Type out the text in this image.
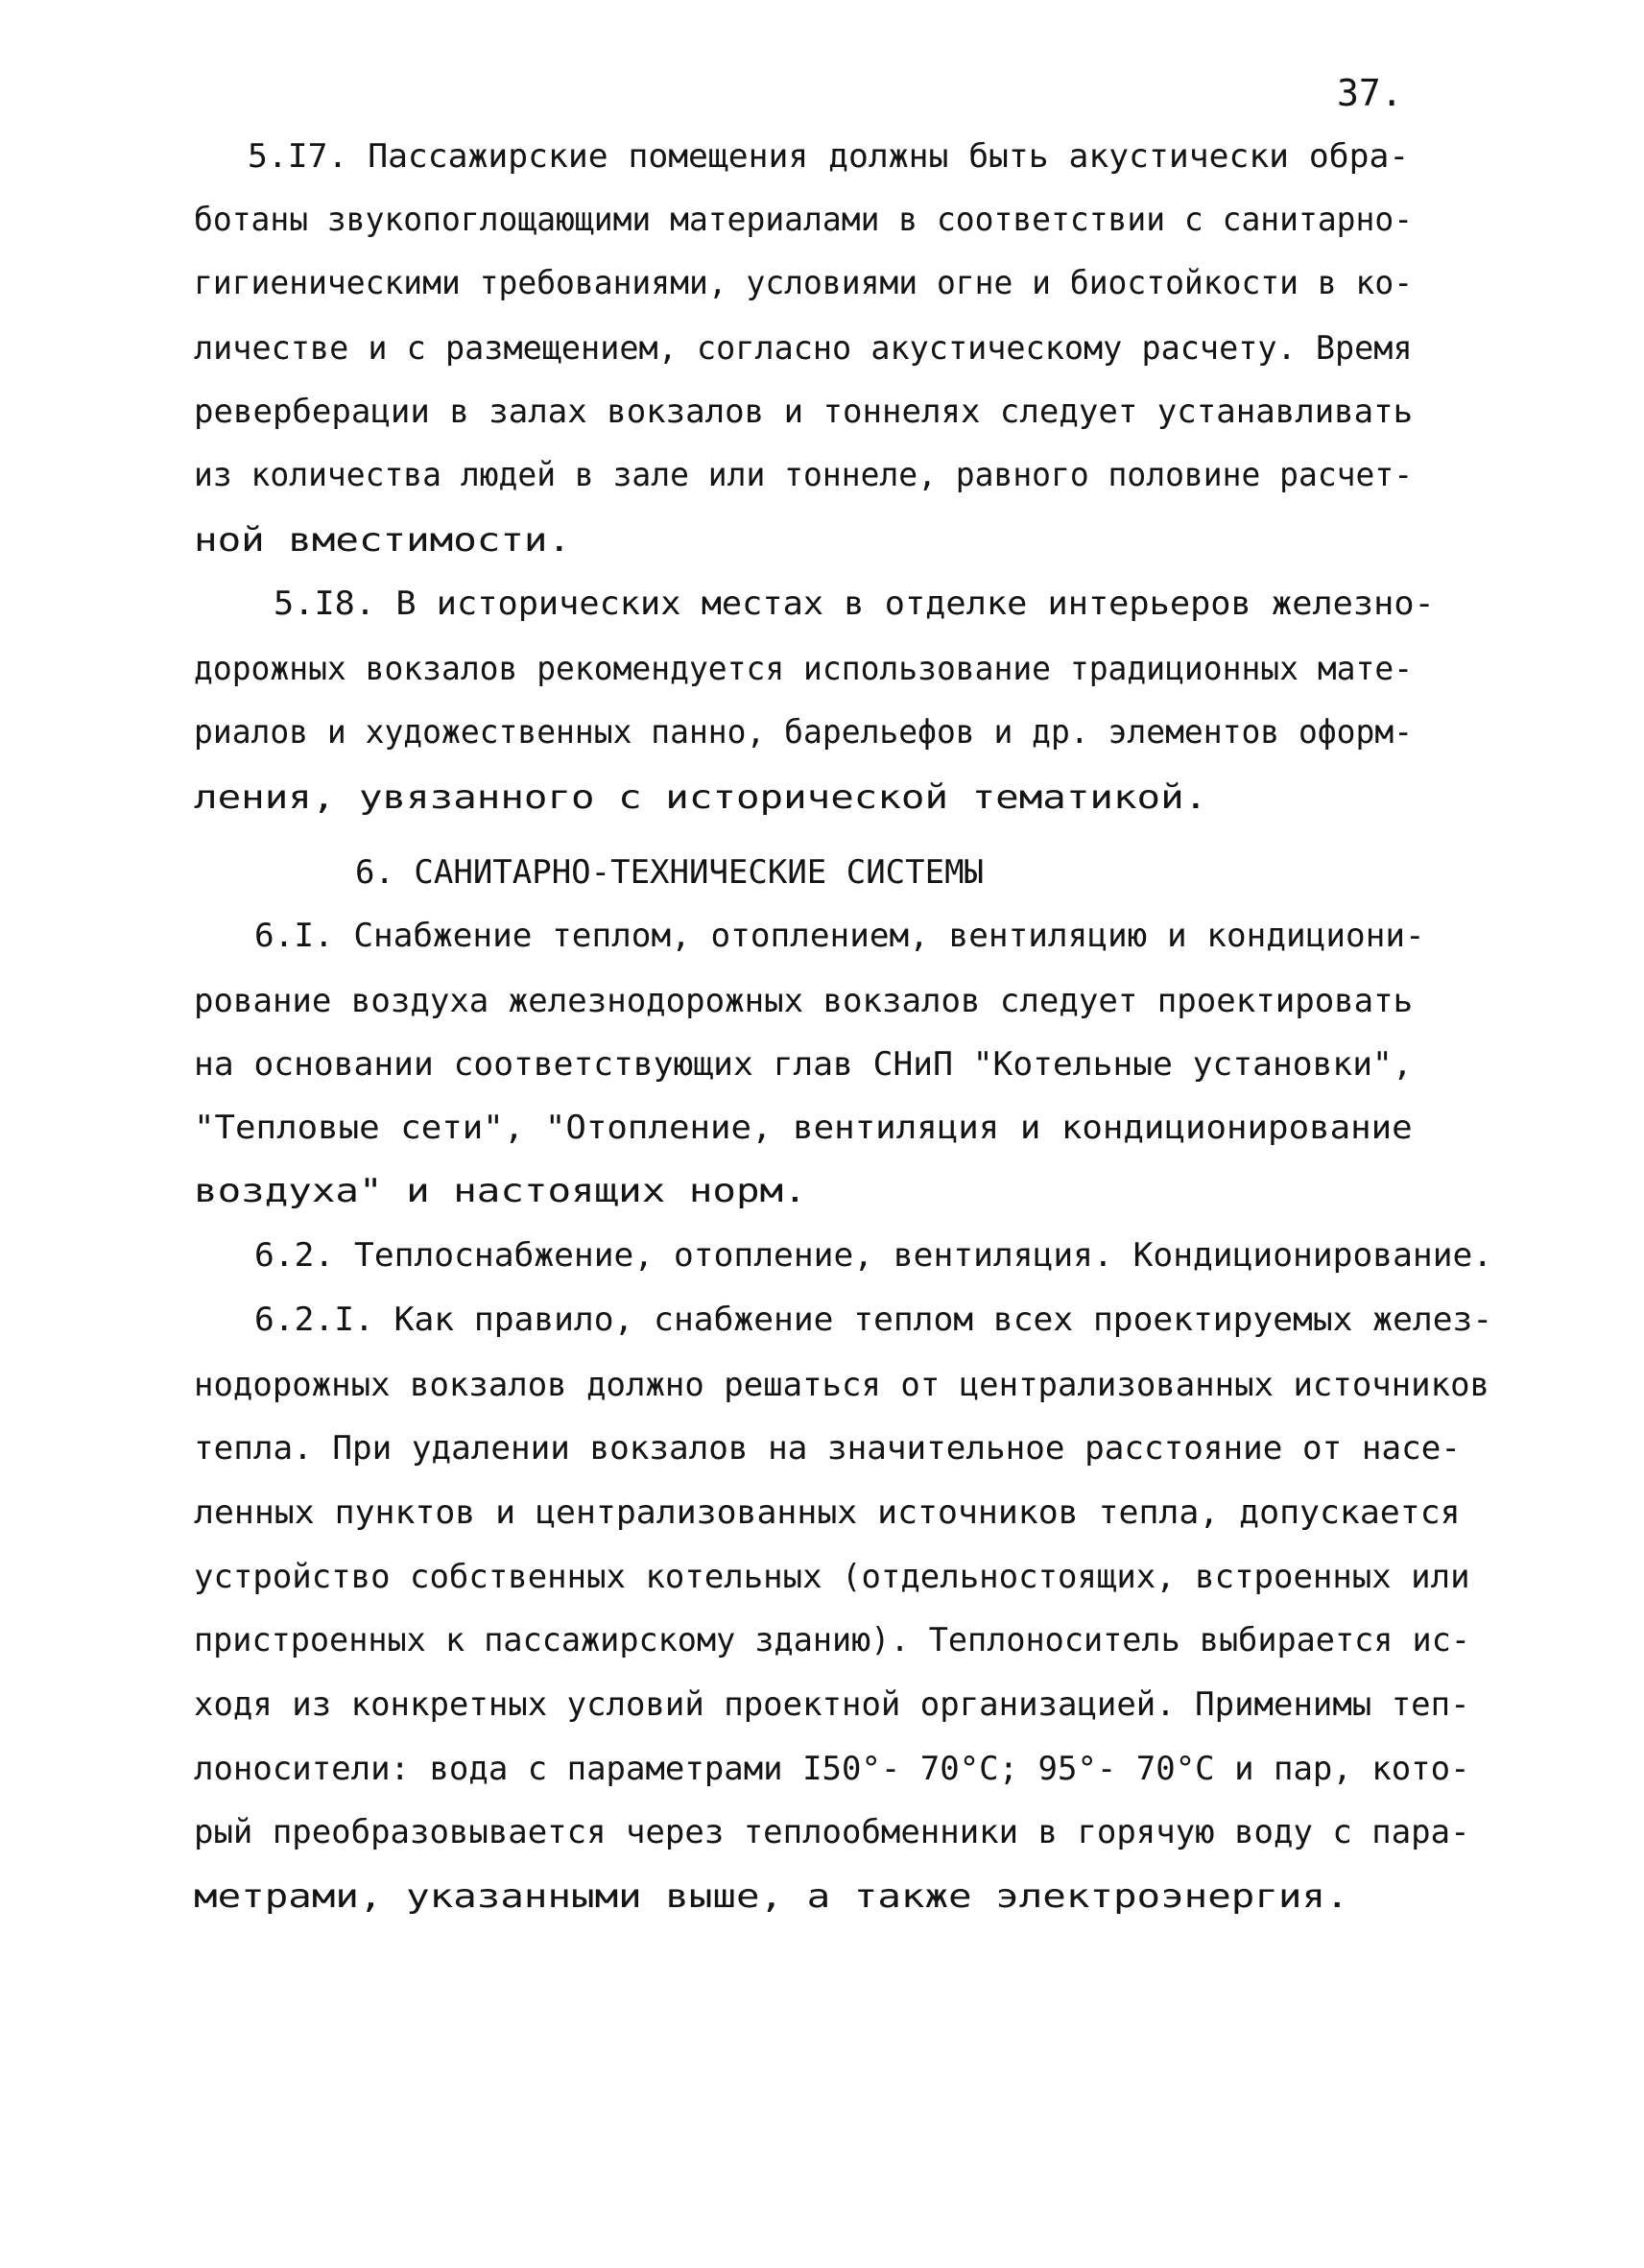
37.
5.I7. Пассажирские помещения должны быть акустически обра-
ботаны звукопоглощающими материалами в соответствии с санитарно-
гигиеническими требованиями, условиями огне и биостойкости в ко-
личестве и с размещением, согласно акустическому расчету. Время
реверберации в залах вокзалов и тоннелях следует устанавливать
из количества людей в зале или тоннеле, равного половине расчет-
ной вместимости.
5.I8. В исторических местах в отделке интерьеров железно-
дорожных вокзалов рекомендуется использование традиционных мате-
риалов и художественных панно, барельефов и др. элементов оформ-
ления, увязанного с исторической тематикой.
6. САНИТАРНО-ТЕХНИЧЕСКИЕ СИСТЕМЫ
6.I. Снабжение теплом, отоплением, вентиляцию и кондициони-
рование воздуха железнодорожных вокзалов следует проектировать
на основании соответствующих глав СНиП "Котельные установки",
"Тепловые сети", "Отопление, вентиляция и кондиционирование
воздуха" и настоящих норм.
6.2. Теплоснабжение, отопление, вентиляция. Кондиционирование.
6.2.I. Как правило, снабжение теплом всех проектируемых желез-
нодорожных вокзалов должно решаться от централизованных источников
тепла. При удалении вокзалов на значительное расстояние от насе-
ленных пунктов и централизованных источников тепла, допускается
устройство собственных котельных (отдельностоящих, встроенных или
пристроенных к пассажирскому зданию). Теплоноситель выбирается ис-
ходя из конкретных условий проектной организацией. Применимы теп-
лоносители: вода с параметрами I50°- 70°С; 95°- 70°С и пар, кото-
рый преобразовывается через теплообменники в горячую воду с пара-
метрами, указанными выше, а также электроэнергия.
